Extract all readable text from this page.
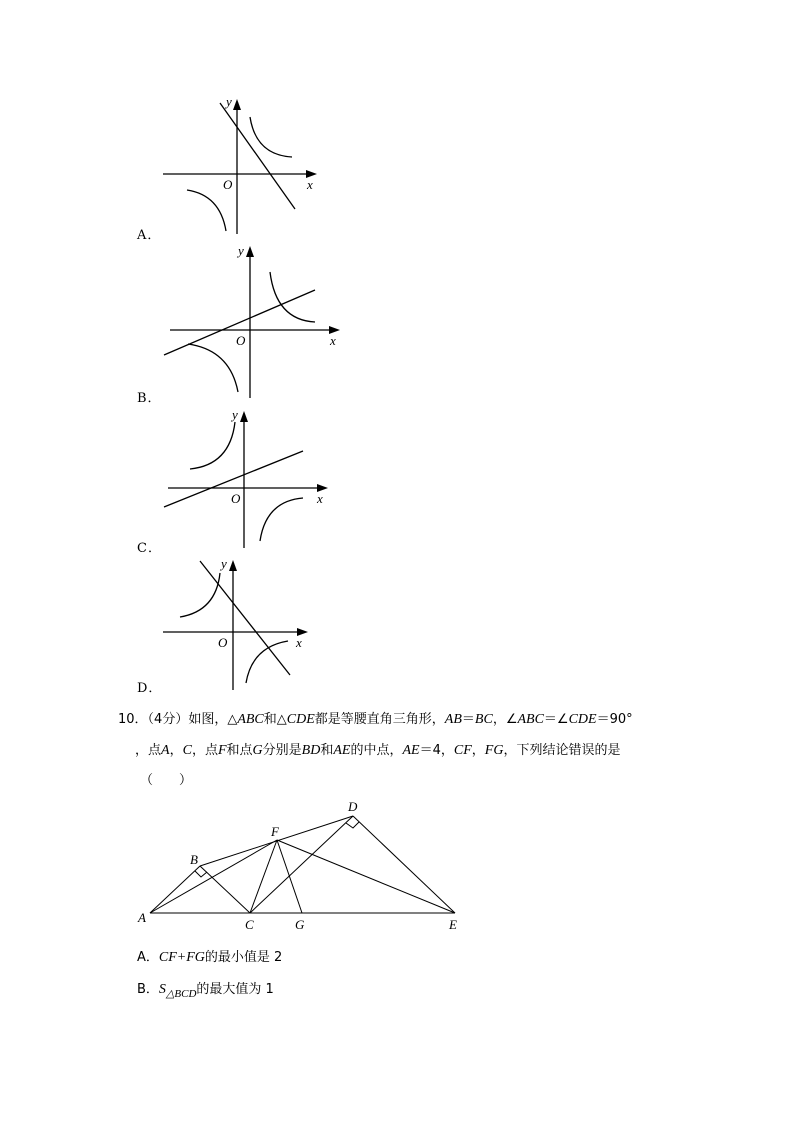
y
x
O
A．
y
x
O
B．
y
x
O
C．
y
x
O
D．
10．（4分）如图，△ABC和△CDE都是等腰直角三角形，AB＝BC，∠ABC＝∠CDE＝90°
，点A，C，点F和点G分别是BD和AE的中点，AE＝4，CF，FG，下列结论错误的是
（　　）
A
B
C
D
E
F
G
A．CF+FG的最小值是 2
B．$S_{\triangle BCD}$的最大值为 1
